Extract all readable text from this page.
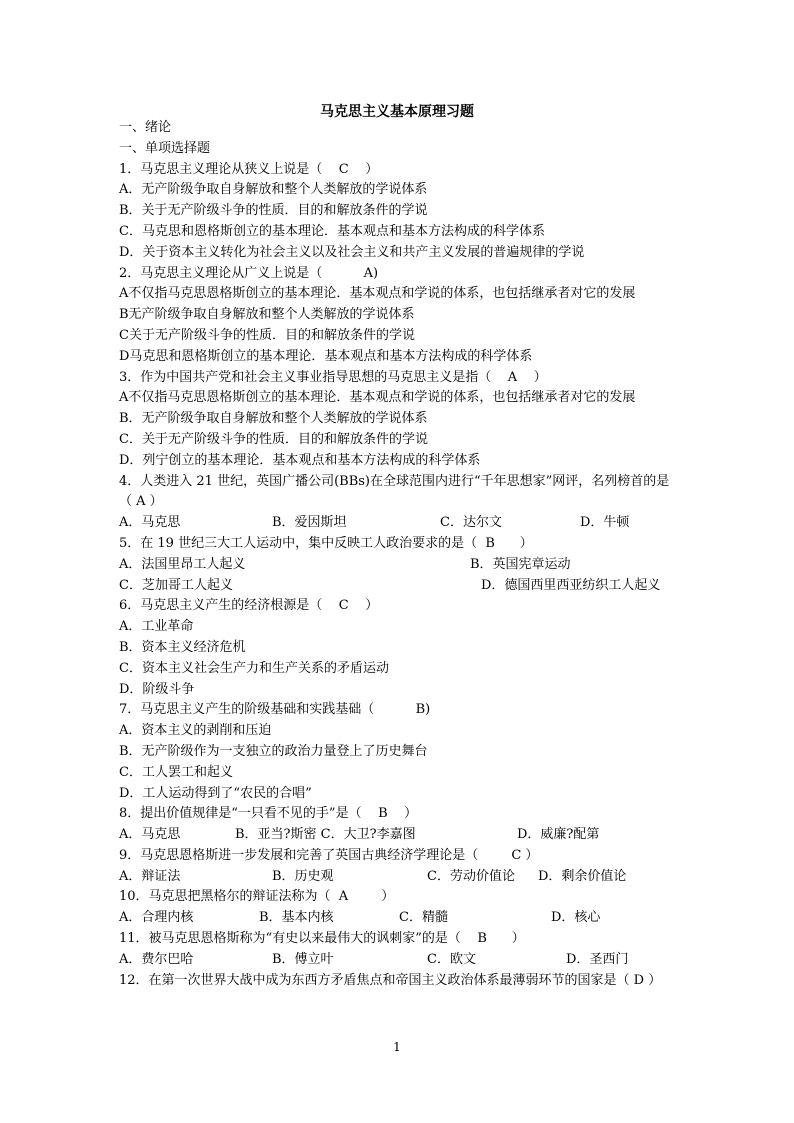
马克思主义基本原理习题
一、绪论
一、单项选择题
1．马克思主义理论从狭义上说是（    C    ）
A．无产阶级争取自身解放和整个人类解放的学说体系
B．关于无产阶级斗争的性质．目的和解放条件的学说
C．马克思和恩格斯创立的基本理论．基本观点和基本方法构成的科学体系
D．关于资本主义转化为社会主义以及社会主义和共产主义发展的普遍规律的学说
2．马克思主义理论从广义上说是（          A)
A不仅指马克思恩格斯创立的基本理论．基本观点和学说的体系，也包括继承者对它的发展
B无产阶级争取自身解放和整个人类解放的学说体系
C关于无产阶级斗争的性质．目的和解放条件的学说
D马克思和恩格斯创立的基本理论．基本观点和基本方法构成的科学体系
3．作为中国共产党和社会主义事业指导思想的马克思主义是指（    A    ）
A不仅指马克思恩格斯创立的基本理论．基本观点和学说的体系，也包括继承者对它的发展
B．无产阶级争取自身解放和整个人类解放的学说体系
C．关于无产阶级斗争的性质．目的和解放条件的学说
D．列宁创立的基本理论．基本观点和基本方法构成的科学体系
4．人类进入 21 世纪，英国广播公司(BBs)在全球范围内进行“千年思想家”网评，名列榜首的是（ A ）
A．马克思	B．爱因斯坦	C．达尔文	D．牛顿
5．在 19 世纪三大工人运动中，集中反映工人政治要求的是（  B      ）
A．法国里昂工人起义	B．英国宪章运动
C．芝加哥工人起义	D．德国西里西亚纺织工人起义
6．马克思主义产生的经济根源是（    C    ）
A．工业革命
B．资本主义经济危机
C．资本主义社会生产力和生产关系的矛盾运动
D．阶级斗争
7．马克思主义产生的阶级基础和实践基础（          B)
A．资本主义的剥削和压迫
B．无产阶级作为一支独立的政治力量登上了历史舞台
C．工人罢工和起义
D．工人运动得到了“农民的合唱”
8．提出价值规律是“一只看不见的手”是（    B    ）
A．马克思	B．亚当?斯密 C．大卫?李嘉图	D．威廉?配第
9．马克思恩格斯进一步发展和完善了英国古典经济学理论是（        C ）
A．辩证法	B．历史观	C．劳动价值论	D．剩余价值论
10．马克思把黑格尔的辩证法称为（  A        ）
A．合理内核	B．基本内核	C．精髓	D．核心
11．被马克思恩格斯称为“有史以来最伟大的讽刺家”的是（    B      ）
A．费尔巴哈	B．傅立叶	C．欧文	D．圣西门
12．在第一次世界大战中成为东西方矛盾焦点和帝国主义政治体系最薄弱环节的国家是（ D ）
1
